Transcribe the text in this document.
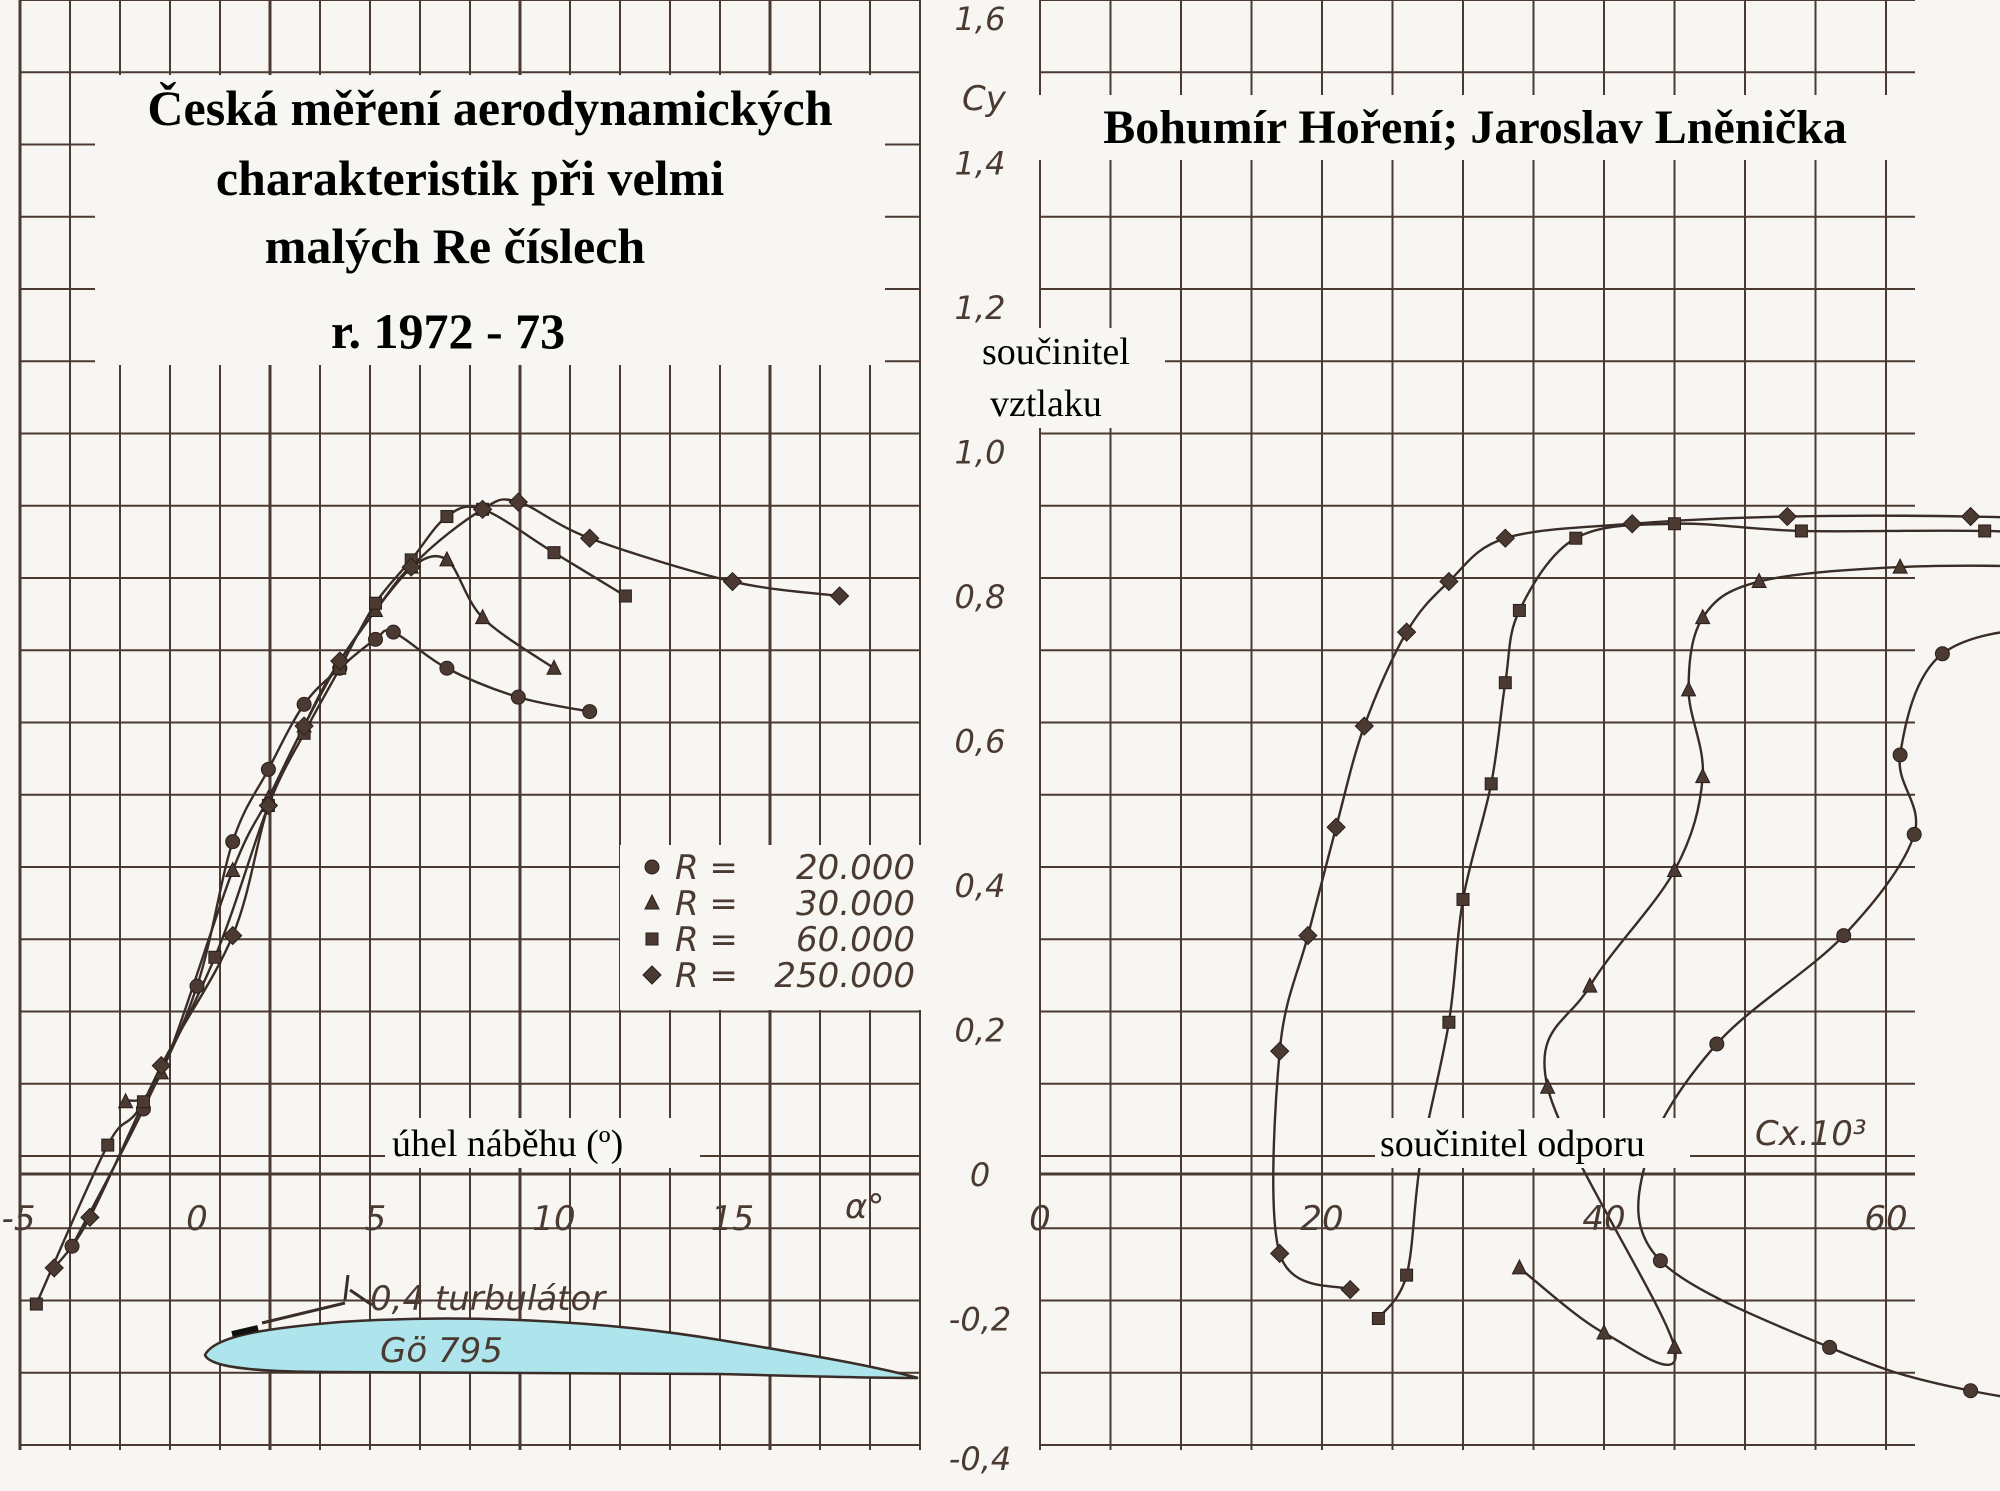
-5	0	5	10	15	α°	0	20	40	60
-0,4
-0,2
0
0,2
0,4
0,6
0,8
1,0
1,2
1,4
1,6
Cx.10³
Cy
R = 20.000
R = 30.000
R = 60.000
R = 250.000
0,4 turbulátor
Gö 795
Česká měření aerodynamických
charakteristik při velmi
malých Re číslech
r. 1972 - 73
Bohumír Hoření; Jaroslav Lněnička
součinitel
vztlaku
úhel náběhu (º)	součinitel odporu
